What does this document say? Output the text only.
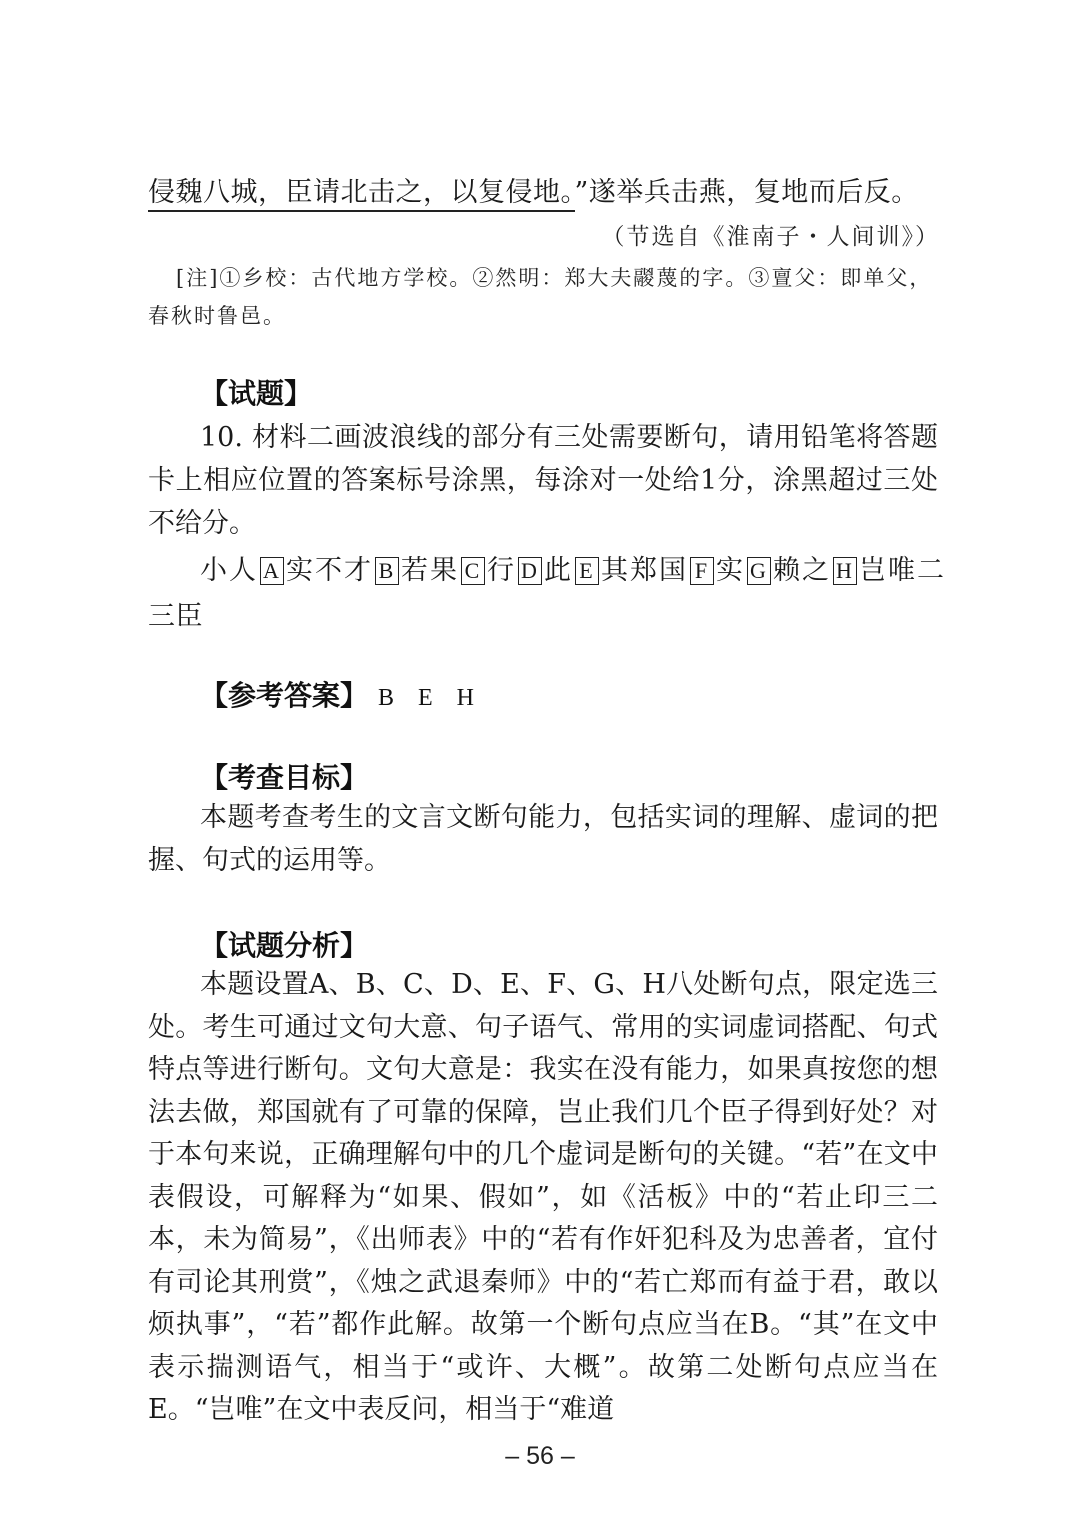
侵魏八城，臣请北击之，以复侵地。”遂举兵击燕，复地而后反。
（节选自《淮南子・人间训》）
[注]①乡校：古代地方学校。②然明：郑大夫鬷蔑的字。③亶父：即单父，
春秋时鲁邑。
【试题】
10. 材料二画波浪线的部分有三处需要断句，请用铅笔将答题卡上相应位置的答案标号涂黑，每涂对一处给1分，涂黑超过三处不给分。
小人 A 实不才 B 若果 C 行 D 此 E 其郑国 F 实 G 赖之 H 岂唯二
三臣
【参考答案】 B　E　H
【考查目标】
本题考查考生的文言文断句能力，包括实词的理解、虚词的把握、句式的运用等。
【试题分析】
本题设置A、B、C、D、E、F、G、H八处断句点，限定选三处。考生可通过文句大意、句子语气、常用的实词虚词搭配、句式特点等进行断句。文句大意是：我实在没有能力，如果真按您的想法去做，郑国就有了可靠的保障，岂止我们几个臣子得到好处？对于本句来说，正确理解句中的几个虚词是断句的关键。“若”在文中表假设，可解释为“如果、假如”，如《活板》中的“若止印三二本，未为简易”，《出师表》中的“若有作奸犯科及为忠善者，宜付有司论其刑赏”，《烛之武退秦师》中的“若亡郑而有益于君，敢以烦执事”，“若”都作此解。故第一个断句点应当在B。“其”在文中表示揣测语气，相当于“或许、大概”。故第二处断句点应当在E。“岂唯”在文中表反问，相当于“难道
– 56 –
